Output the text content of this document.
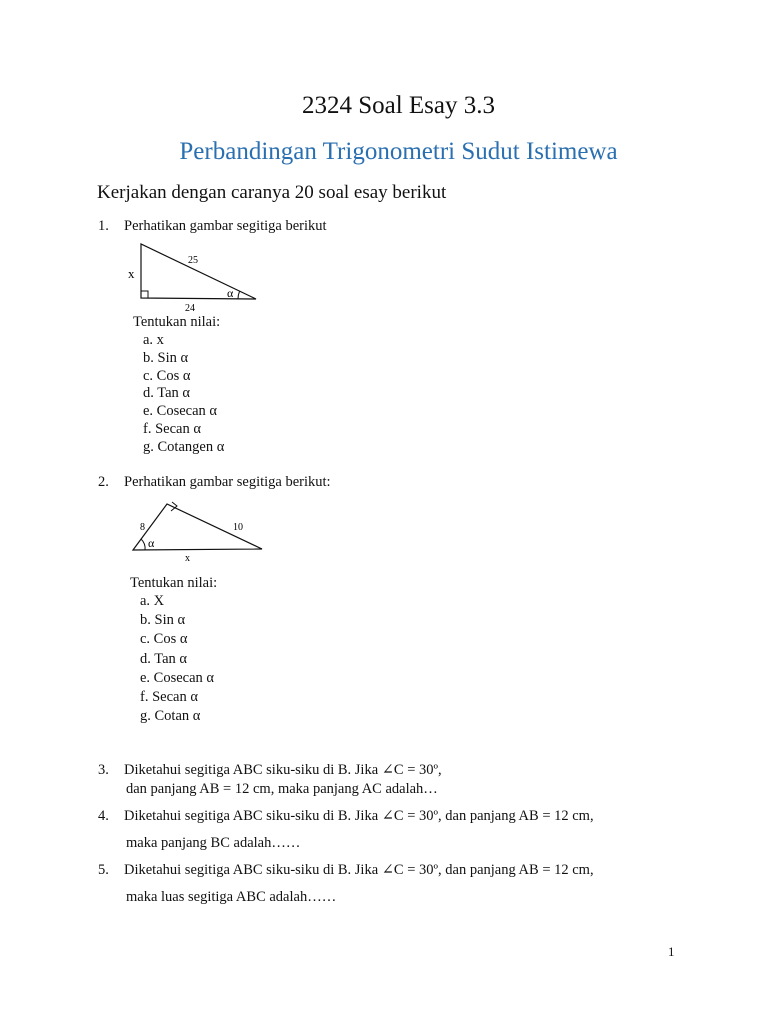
2324 Soal Esay 3.3
Perbandingan Trigonometri Sudut Istimewa
Kerjakan dengan caranya 20 soal esay berikut
1. Perhatikan gambar segitiga berikut
x
25
24
α
Tentukan nilai:
a. x
b. Sin α
c. Cos α
d. Tan α
e. Cosecan α
f. Secan α
g. Cotangen α
2. Perhatikan gambar segitiga berikut:
8	10
x
α
Tentukan nilai:
a. X
b. Sin α
c. Cos α
d. Tan α
e. Cosecan α
f. Secan α
g. Cotan α
3. Diketahui segitiga ABC siku-siku di B. Jika ∠C = 30º,
dan panjang AB = 12 cm, maka panjang AC adalah…
4. Diketahui segitiga ABC siku-siku di B. Jika ∠C = 30º, dan panjang AB = 12 cm,
maka panjang BC adalah……
5. Diketahui segitiga ABC siku-siku di B. Jika ∠C = 30º, dan panjang AB = 12 cm,
maka luas segitiga ABC adalah……
1
